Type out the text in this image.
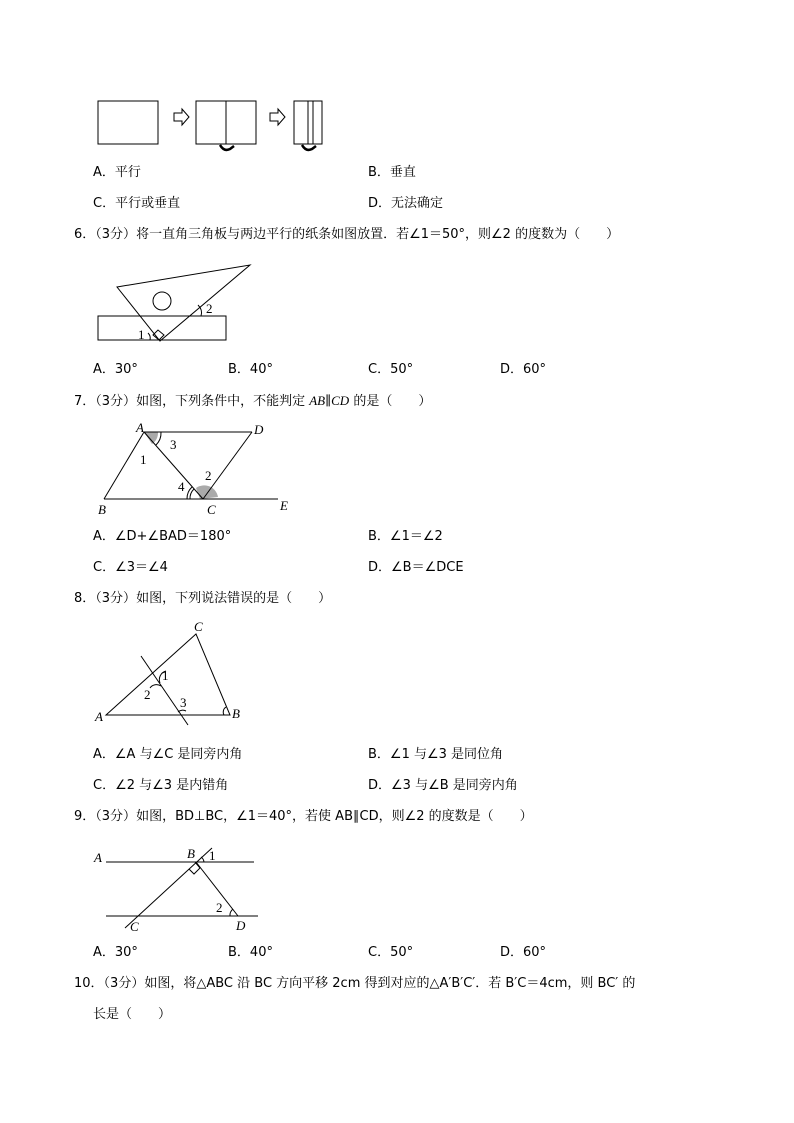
A．平行	B．垂直
C．平行或垂直	D．无法确定
6．（3分）将一直角三角板与两边平行的纸条如图放置．若∠1＝50°，则∠2 的度数为（　　）
1
2
A．30°	B．40°	C．50°	D．60°
7．（3分）如图，下列条件中，不能判定 AB∥CD 的是（　　）
A	D
B	C	E
1
2
3
4
A．∠D+∠BAD＝180°	B．∠1＝∠2
C．∠3＝∠4	D．∠B＝∠DCE
8．（3分）如图，下列说法错误的是（　　）
A	B
C
1
2
3
A．∠A 与∠C 是同旁内角	B．∠1 与∠3 是同位角
C．∠2 与∠3 是内错角	D．∠3 与∠B 是同旁内角
9．（3分）如图，BD⊥BC，∠1＝40°，若使 AB∥CD，则∠2 的度数是（　　）
A	B
C	D
1
2
A．30°	B．40°	C．50°	D．60°
10．（3分）如图，将△ABC 沿 BC 方向平移 2cm 得到对应的△A′B′C′．若 B′C＝4cm，则 BC′ 的
长是（　　）
